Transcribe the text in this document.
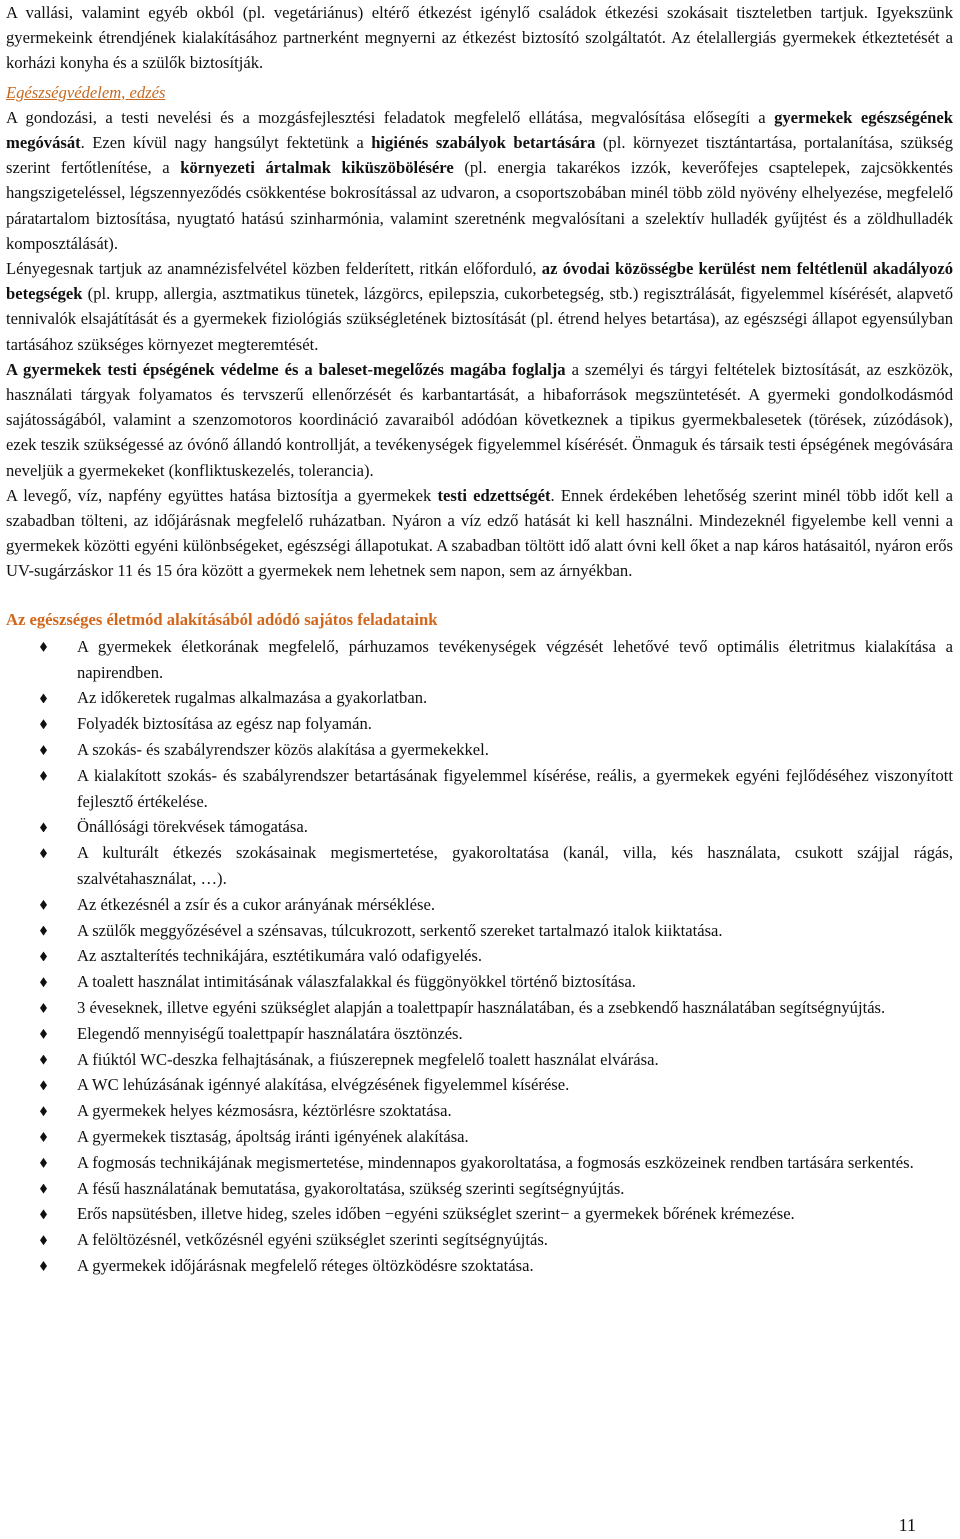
A vallási, valamint egyéb okból (pl. vegetáriánus) eltérő étkezést igénylő családok étkezési szokásait tiszteletben tartjuk. Igyekszünk gyermekeink étrendjének kialakításához partnerként megnyerni az étkezést biztosító szolgáltatót. Az ételallergiás gyermekek étkeztetését a korházi konyha és a szülők biztosítják.

Egészségvédelem, edzés

A gondozási, a testi nevelési és a mozgásfejlesztési feladatok megfelelő ellátása, megvalósítása elősegíti a gyermekek egészségének megóvását. Ezen kívül nagy hangsúlyt fektetünk a higiénés szabályok betartására (pl. környezet tisztántartása, portalanítása, szükség szerint fertőtlenítése, a környezeti ártalmak kiküszöbölésére (pl. energia takarékos izzók, keverőfejes csaptelepek, zajcsökkentés hangszigeteléssel, légszennyeződés csökkentése bokrosítással az udvaron, a csoportszobában minél több zöld nyövény elhelyezése, megfelelő páratartalom biztosítása, nyugtató hatású szinharmónia, valamint szeretnénk megvalósítani a szelektív hulladék gyűjtést és a zöldhulladék komposztálását).

Lényegesnak tartjuk az anamnézisfelvétel közben felderített, ritkán előforduló, az óvodai közösségbe kerülést nem feltétlenül akadályozó betegségek (pl. krupp, allergia, asztmatikus tünetek, lázgörcs, epilepszia, cukorbetegség, stb.) regisztrálását, figyelemmel kísérését, alapvető tennivalók elsajátítását és a gyermekek fiziológiás szükségletének biztosítását (pl. étrend helyes betartása), az egészségi állapot egyensúlyban tartásához szükséges környezet megteremtését.

A gyermekek testi épségének védelme és a baleset-megelőzés magába foglalja a személyi és tárgyi feltételek biztosítását, az eszközök, használati tárgyak folyamatos és tervszerű ellenőrzését és karbantartását, a hibaforrások megszüntetését. A gyermeki gondolkodásmód sajátosságából, valamint a szenzomotoros koordináció zavaraiból adódóan következnek a tipikus gyermekbalesetek (törések, zúzódások), ezek teszik szükségessé az óvónő állandó kontrollját, a tevékenységek figyelemmel kísérését. Önmaguk és társaik testi épségének megóvására neveljük a gyermekeket (konfliktuskezelés, tolerancia).

A levegő, víz, napfény együttes hatása biztosítja a gyermekek testi edzettségét. Ennek érdekében lehetőség szerint minél több időt kell a szabadban tölteni, az időjárásnak megfelelő ruházatban. Nyáron a víz edző hatását ki kell használni. Mindezeknél figyelembe kell venni a gyermekek közötti egyéni különbségeket, egészségi állapotukat. A szabadban töltött idő alatt óvni kell őket a nap káros hatásaitól, nyáron erős UV-sugárzáskor 11 és 15 óra között a gyermekek nem lehetnek sem napon, sem az árnyékban.

Az egészséges életmód alakításából adódó sajátos feladataink
A gyermekek életkorának megfelelő, párhuzamos tevékenységek végzését lehetővé tevő optimális életritmus kialakítása a napirendben.
Az időkeretek rugalmas alkalmazása a gyakorlatban.
Folyadék biztosítása az egész nap folyamán.
A szokás- és szabályrendszer közös alakítása a gyermekekkel.
A kialakított szokás- és szabályrendszer betartásának figyelemmel kísérése, reális, a gyermekek egyéni fejlődéséhez viszonyított fejlesztő értékelése.
Önállósági törekvések támogatása.
A kulturált étkezés szokásainak megismertetése, gyakoroltatása (kanál, villa, kés használata, csukott szájjal rágás, szalvétahasználat, …).
Az étkezésnél a zsír és a cukor arányának mérséklése.
A szülők meggyőzésével a szénsavas, túlcukrozott, serkentő szereket tartalmazó italok kiiktatása.
Az asztalterítés technikájára, esztétikumára való odafigyelés.
A toalett használat intimitásának válaszfalakkal és függönyökkel történő biztosítása.
3 éveseknek, illetve egyéni szükséglet alapján a toalettpapír használatában, és a zsebkendő használatában segítségnyújtás.
Elegendő mennyiségű toalettpapír használatára ösztönzés.
A fiúktól WC-deszka felhajtásának, a fiúszerepnek megfelelő toalett használat elvárása.
A WC lehúzásának igénnyé alakítása, elvégzésének figyelemmel kísérése.
A gyermekek helyes kézmosásra, kéztörlésre szoktatása.
A gyermekek tisztaság, ápoltság iránti igényének alakítása.
A fogmosás technikájának megismertetése, mindennapos gyakoroltatása, a fogmosás eszközeinek rendben tartására serkentés.
A fésű használatának bemutatása, gyakoroltatása, szükség szerinti segítségnyújtás.
Erős napsütésben, illetve hideg, szeles időben −egyéni szükséglet szerint− a gyermekek bőrének krémezése.
A felöltözésnél, vetkőzésnél egyéni szükséglet szerinti segítségnyújtás.
A gyermekek időjárásnak megfelelő réteges öltözködésre szoktatása.
11
